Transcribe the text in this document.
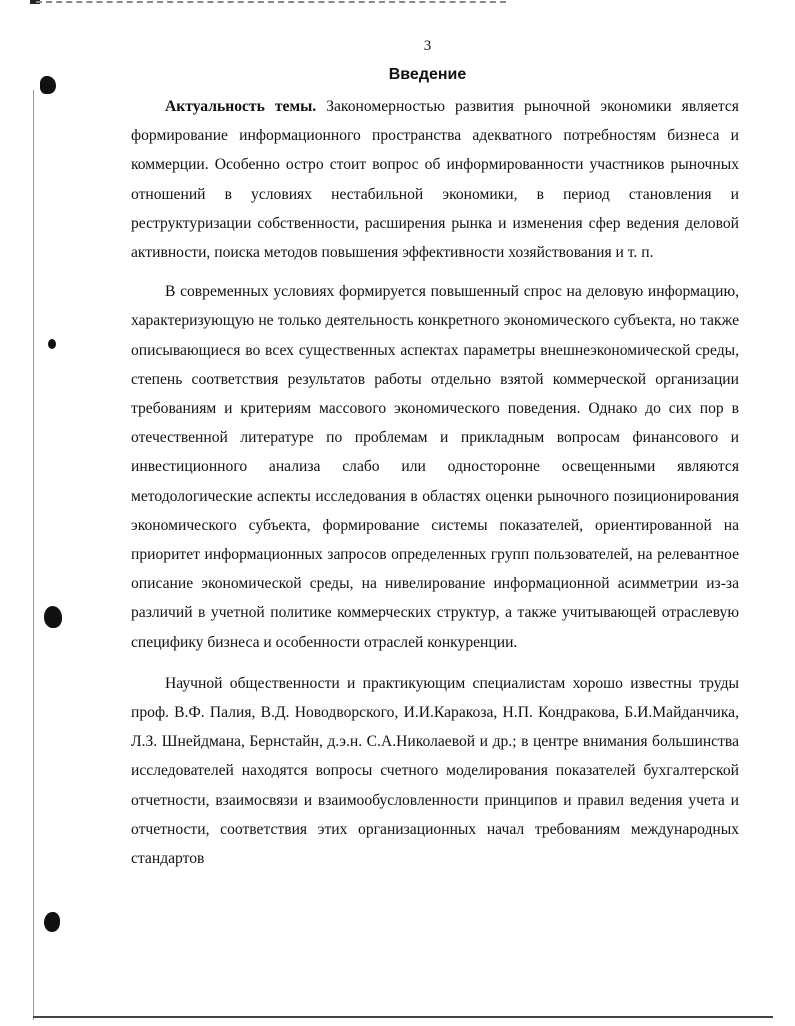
3
Введение

Актуальность темы. Закономерностью развития рыночной экономики является формирование информационного пространства адекватного потребностям бизнеса и коммерции. Особенно остро стоит вопрос об информированности участников рыночных отношений в условиях нестабильной экономики, в период становления и реструктуризации собственности, расширения рынка и изменения сфер ведения деловой активности, поиска методов повышения эффективности хозяйствования и т. п.

В современных условиях формируется повышенный спрос на деловую информацию, характеризующую не только деятельность конкретного экономического субъекта, но также описывающиеся во всех существенных аспектах параметры внешнеэкономической среды, степень соответствия результатов работы отдельно взятой коммерческой организации требованиям и критериям массового экономического поведения. Однако до сих пор в отечественной литературе по проблемам и прикладным вопросам финансового и инвестиционного анализа слабо или односторонне освещенными являются методологические аспекты исследования в областях оценки рыночного позиционирования экономического субъекта, формирование системы показателей, ориентированной на приоритет информационных запросов определенных групп пользователей, на релевантное описание экономической среды, на нивелирование информационной асимметрии из-за различий в учетной политике коммерческих структур, а также учитывающей отраслевую специфику бизнеса и особенности отраслей конкуренции.

Научной общественности и практикующим специалистам хорошо известны труды проф. В.Ф. Палия, В.Д. Новодворского, И.И.Каракоза, Н.П. Кондракова, Б.И.Майданчика, Л.З. Шнейдмана, Бернстайн, д.э.н. С.А.Николаевой и др.; в центре внимания большинства исследователей находятся вопросы счетного моделирования показателей бухгалтерской отчетности, взаимосвязи и взаимообусловленности принципов и правил ведения учета и отчетности, соответствия этих организационных начал требованиям международных стандартов
